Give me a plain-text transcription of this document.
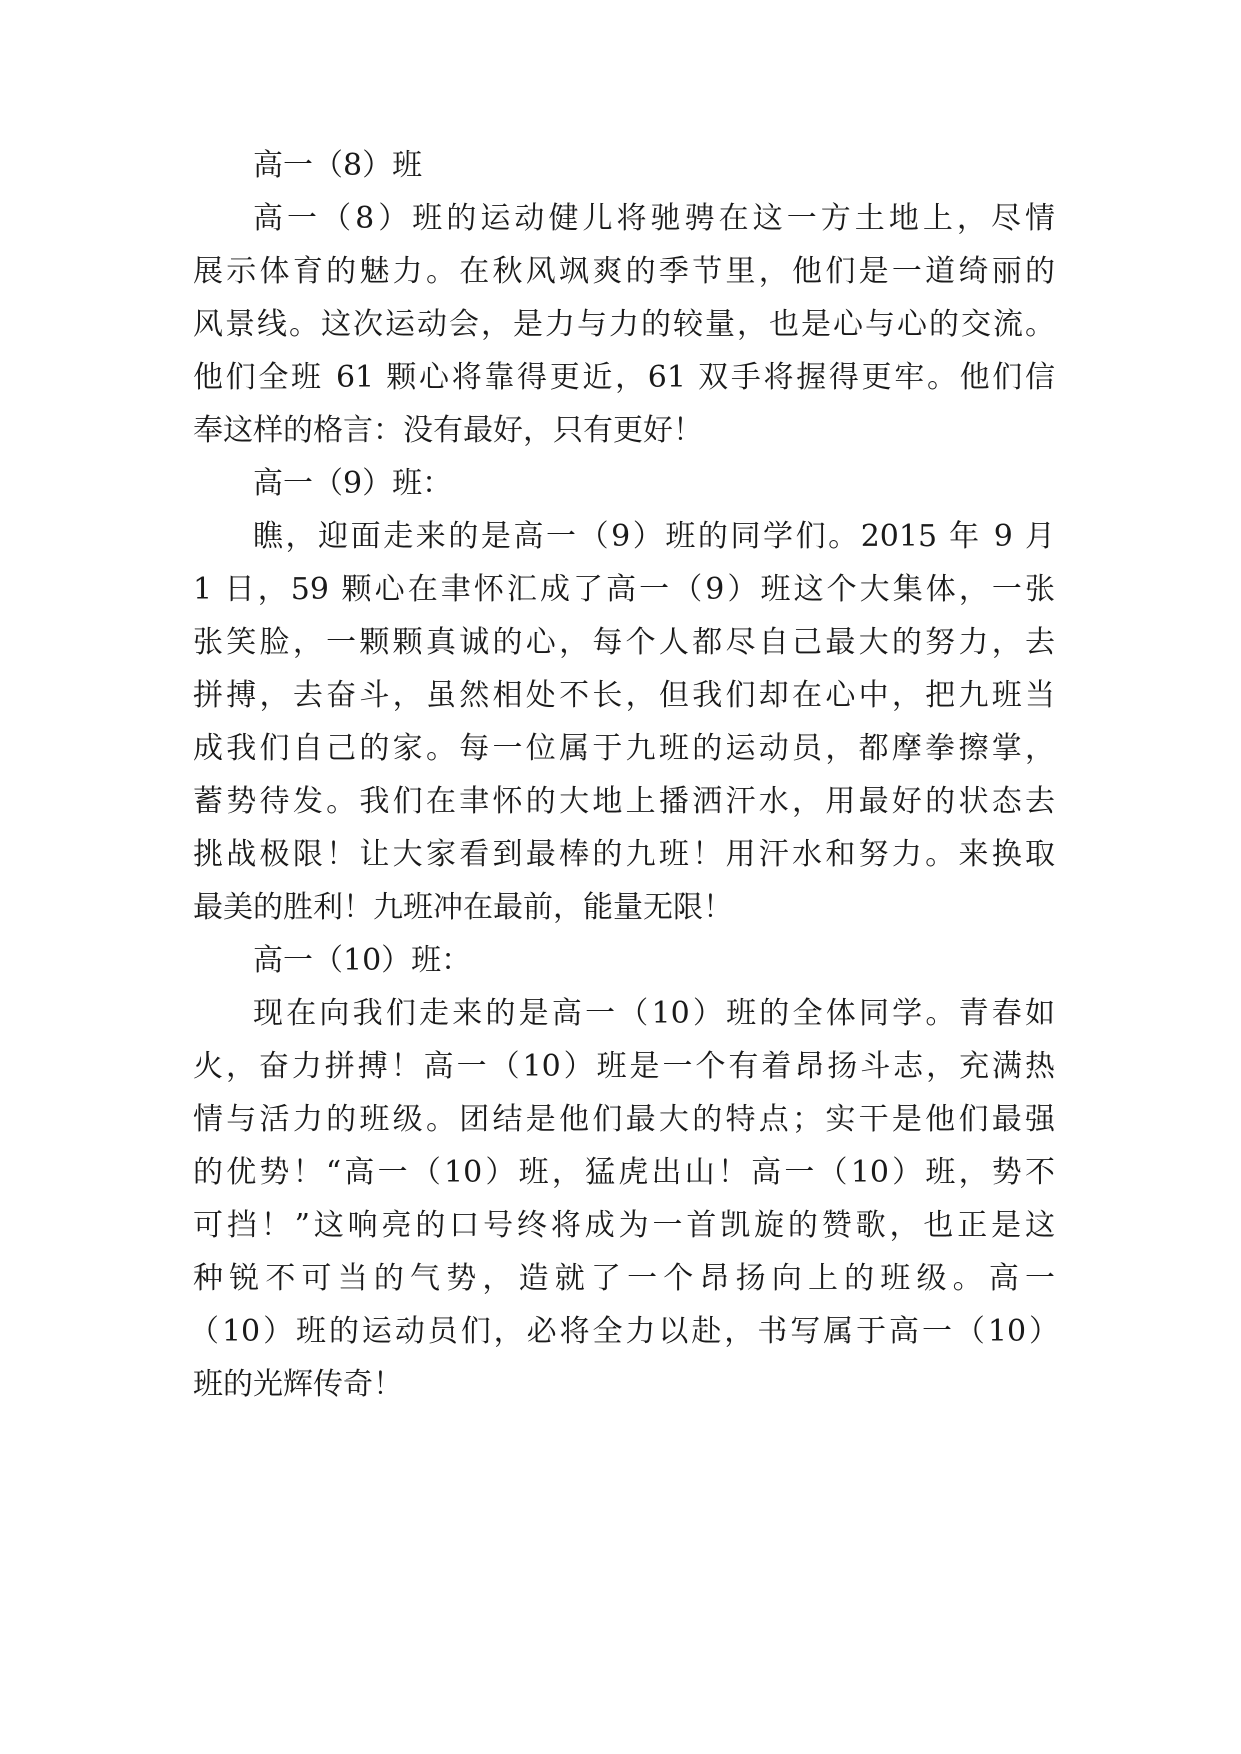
高一（8）班
高一（8）班的运动健儿将驰骋在这一方土地上，尽情
展示体育的魅力。在秋风飒爽的季节里，他们是一道绮丽的
风景线。这次运动会，是力与力的较量，也是心与心的交流。
他们全班 61 颗心将靠得更近，61 双手将握得更牢。他们信
奉这样的格言：没有最好，只有更好！
高一（9）班：
瞧，迎面走来的是高一（9）班的同学们。2015 年 9 月
1 日，59 颗心在聿怀汇成了高一（9）班这个大集体，一张
张笑脸，一颗颗真诚的心，每个人都尽自己最大的努力，去
拼搏，去奋斗，虽然相处不长，但我们却在心中，把九班当
成我们自己的家。每一位属于九班的运动员，都摩拳擦掌，
蓄势待发。我们在聿怀的大地上播洒汗水，用最好的状态去
挑战极限！让大家看到最棒的九班！用汗水和努力。来换取
最美的胜利！九班冲在最前，能量无限！
高一（10）班：
现在向我们走来的是高一（10）班的全体同学。青春如
火，奋力拼搏！高一（10）班是一个有着昂扬斗志，充满热
情与活力的班级。团结是他们最大的特点；实干是他们最强
的优势！“高一（10）班，猛虎出山！高一（10）班，势不
可挡！”这响亮的口号终将成为一首凯旋的赞歌，也正是这
种锐不可当的气势，造就了一个昂扬向上的班级。高一
（10）班的运动员们，必将全力以赴，书写属于高一（10）
班的光辉传奇！
